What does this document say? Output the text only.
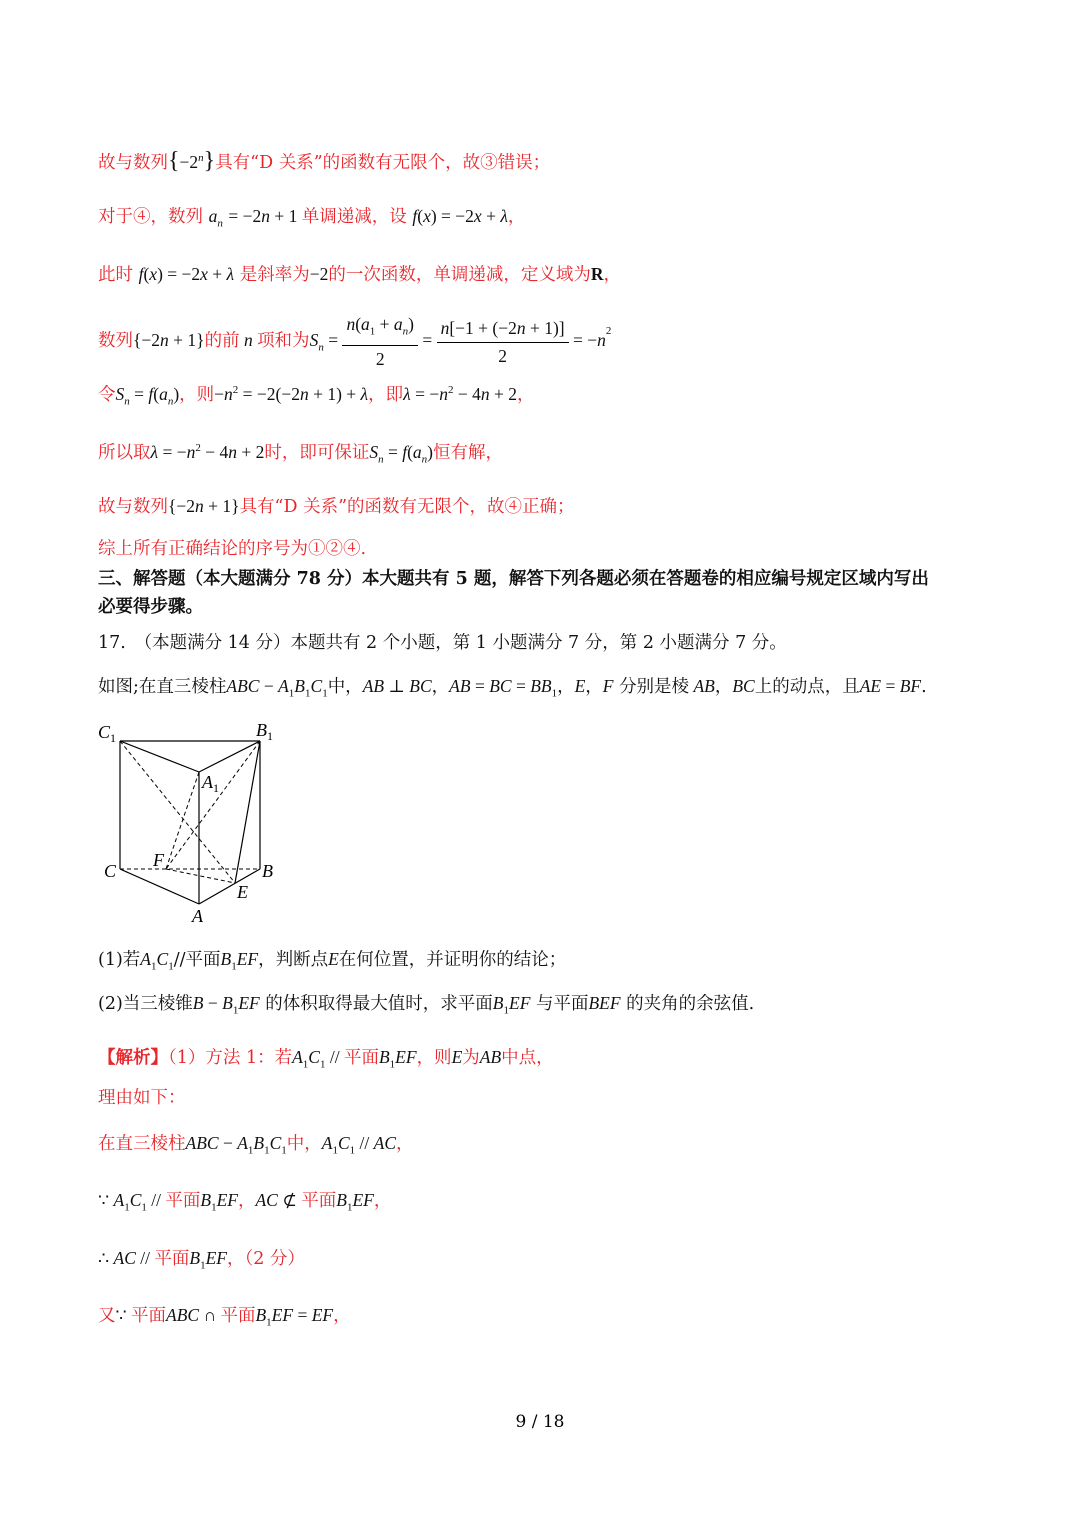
故与数列$\{-2^n\}$具有“D 关系”的函数有无限个，故③错误；
对于④，数列 $a_n = -2n + 1$ 单调递减，设 f(x) = −2x + λ，
此时 f(x) = −2x + λ 是斜率为−2的一次函数，单调递减，定义域为R，
数列{−2n + 1}的前 n 项和为$S_n = \frac{n(a_1 + a_n)}{2} = \frac{n[-1 + (-2n + 1)]}{2} = -n^2$
令$S_n = f(a_n)$，则$-n^2 = -2(-2n + 1) + \lambda$，即$\lambda = -n^2 - 4n + 2$，
所以取$\lambda = -n^2 - 4n + 2$时，即可保证$S_n = f(a_n)$恒有解，
故与数列{−2n + 1}具有“D 关系”的函数有无限个，故④正确；
综上所有正确结论的序号为①②④.
三、解答题（本大题满分 78 分）本大题共有 5 题，解答下列各题必须在答题卷的相应编号规定区域内写出
必要得步骤。
17.　（本题满分 14 分）本题共有 2 个小题，第 1 小题满分 7 分，第 2 小题满分 7 分。
如图;在直三棱柱ABC − $A_1B_1C_1$中，AB ⊥ BC，AB = BC = $BB_1$，E，F 分别是棱 AB，BC上的动点，且AE = BF.
$C_1$	$B_1$
$A_1$
C	B
F
E
A
(1)若$A_1C_1//$平面$B_1EF$，判断点E在何位置，并证明你的结论；
(2)当三棱锥$B - B_1EF$ 的体积取得最大值时，求平面$B_1EF$ 与平面BEF 的夹角的余弦值.
【解析】（1）方法 1：若$A_1C_1$ // 平面$B_1EF$，则E为AB中点，
理由如下：
在直三棱柱ABC − $A_1B_1C_1$中，$A_1C_1$ // AC，
∵ $A_1C_1$ // 平面$B_1EF$，AC ⊄ 平面$B_1EF$，
∴ AC // 平面$B_1EF$，（2 分）
又∵ 平面ABC ∩ 平面$B_1EF$ = EF，
9 / 18
